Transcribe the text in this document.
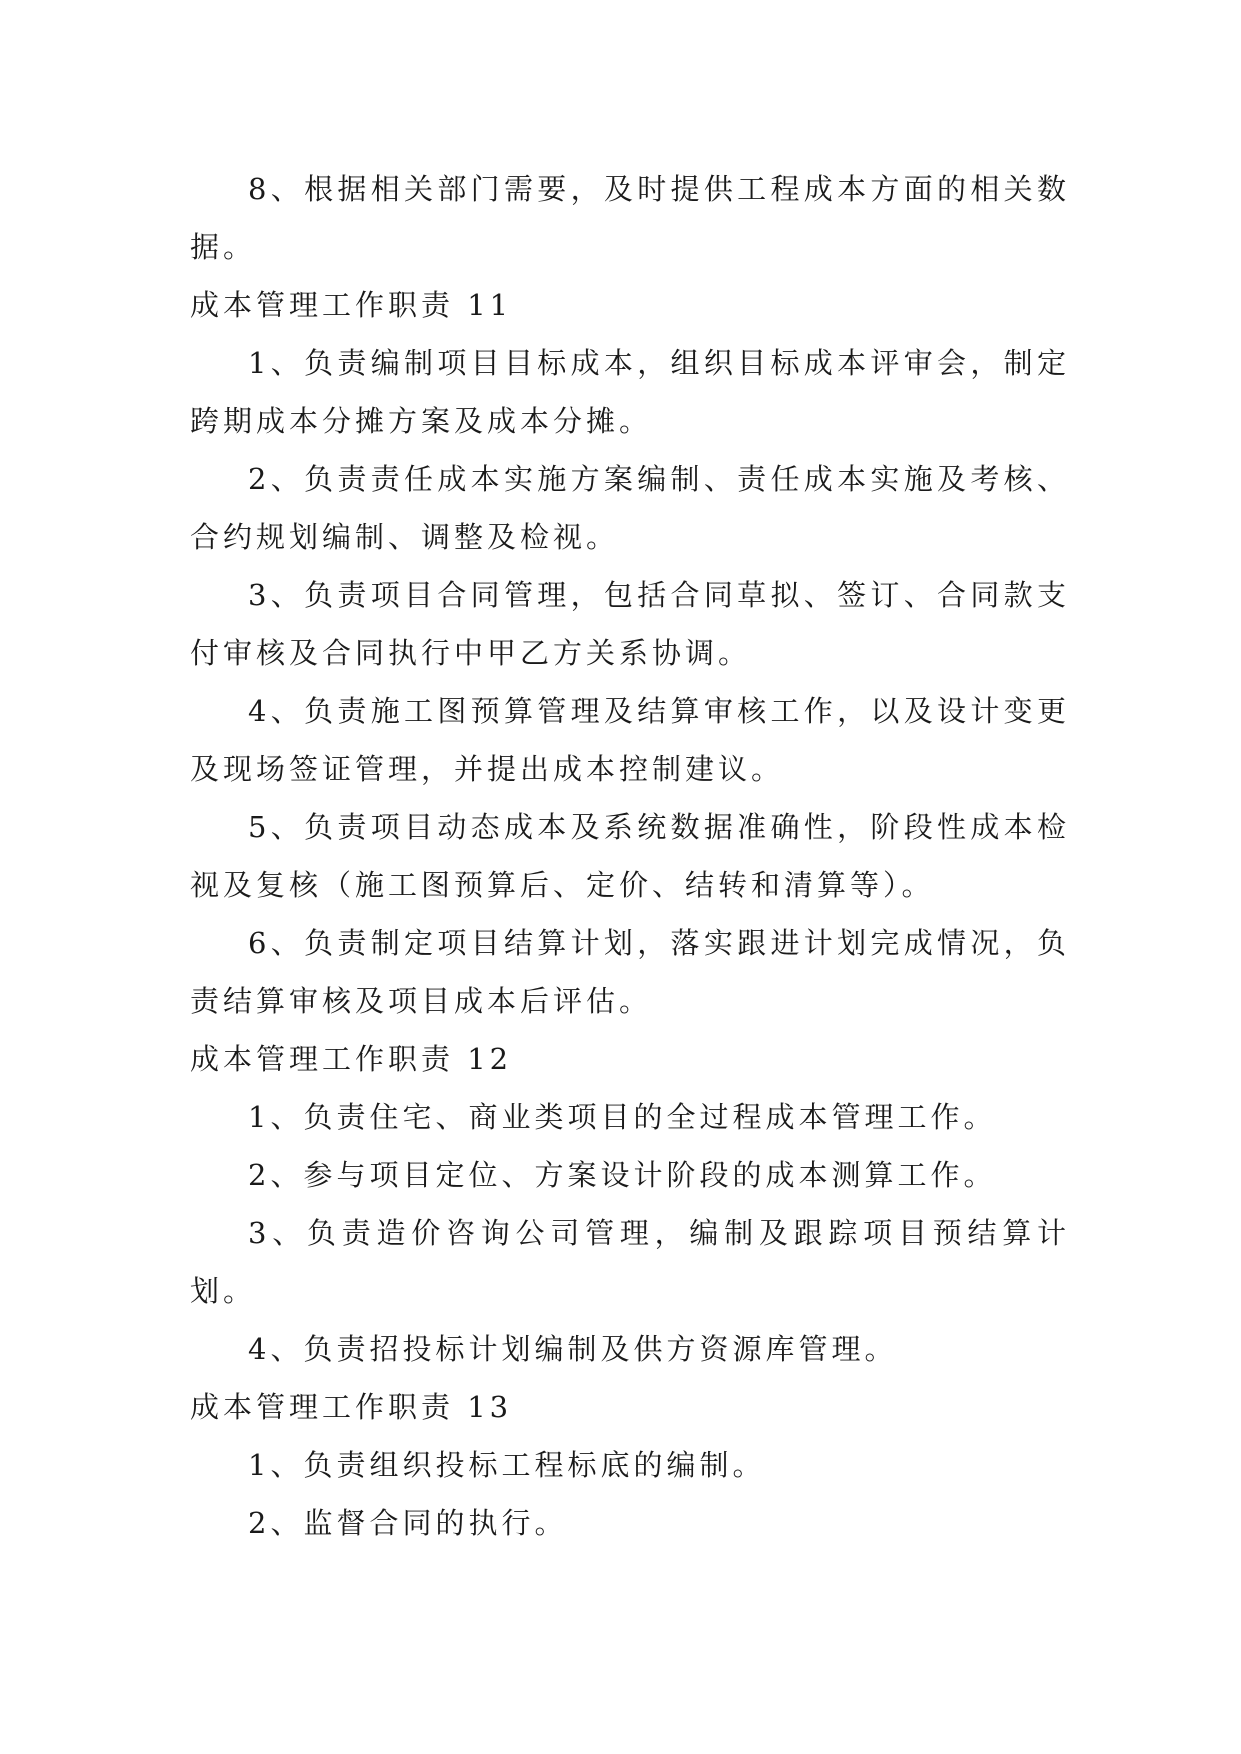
8、根据相关部门需要，及时提供工程成本方面的相关数据。

成本管理工作职责 11

1、负责编制项目目标成本，组织目标成本评审会，制定跨期成本分摊方案及成本分摊。

2、负责责任成本实施方案编制、责任成本实施及考核、合约规划编制、调整及检视。

3、负责项目合同管理，包括合同草拟、签订、合同款支付审核及合同执行中甲乙方关系协调。

4、负责施工图预算管理及结算审核工作，以及设计变更及现场签证管理，并提出成本控制建议。

5、负责项目动态成本及系统数据准确性，阶段性成本检视及复核（施工图预算后、定价、结转和清算等）。

6、负责制定项目结算计划，落实跟进计划完成情况，负责结算审核及项目成本后评估。

成本管理工作职责 12

1、负责住宅、商业类项目的全过程成本管理工作。

2、参与项目定位、方案设计阶段的成本测算工作。

3、负责造价咨询公司管理，编制及跟踪项目预结算计划。

4、负责招投标计划编制及供方资源库管理。

成本管理工作职责 13

1、负责组织投标工程标底的编制。

2、监督合同的执行。
